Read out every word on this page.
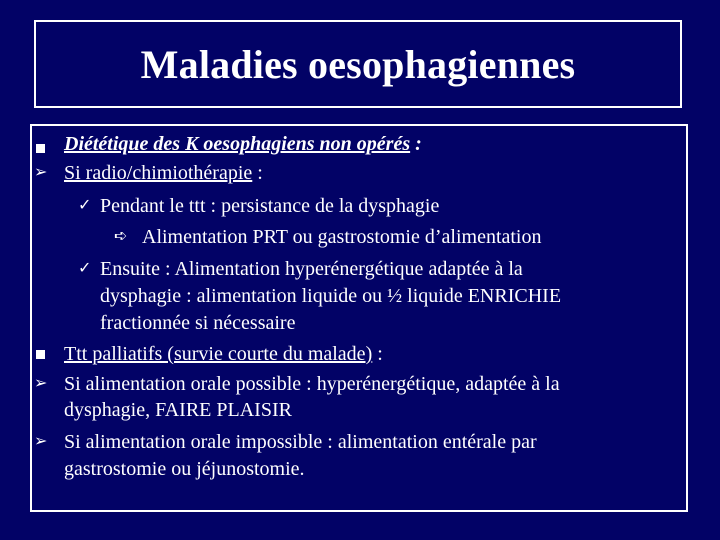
Maladies oesophagiennes
Diététique des K oesophagiens non opérés :
➢ Si radio/chimiothérapie :
✓ Pendant le ttt : persistance de la dysphagie
➪ Alimentation PRT ou gastrostomie d’alimentation
✓ Ensuite : Alimentation hyperénergétique adaptée à la
dysphagie : alimentation liquide ou ½ liquide ENRICHIE
fractionnée si nécessaire
Ttt palliatifs (survie courte du malade) :
➢ Si alimentation orale possible : hyperénergétique, adaptée à la
dysphagie, FAIRE PLAISIR
➢ Si alimentation orale impossible : alimentation entérale par
gastrostomie ou jéjunostomie.
